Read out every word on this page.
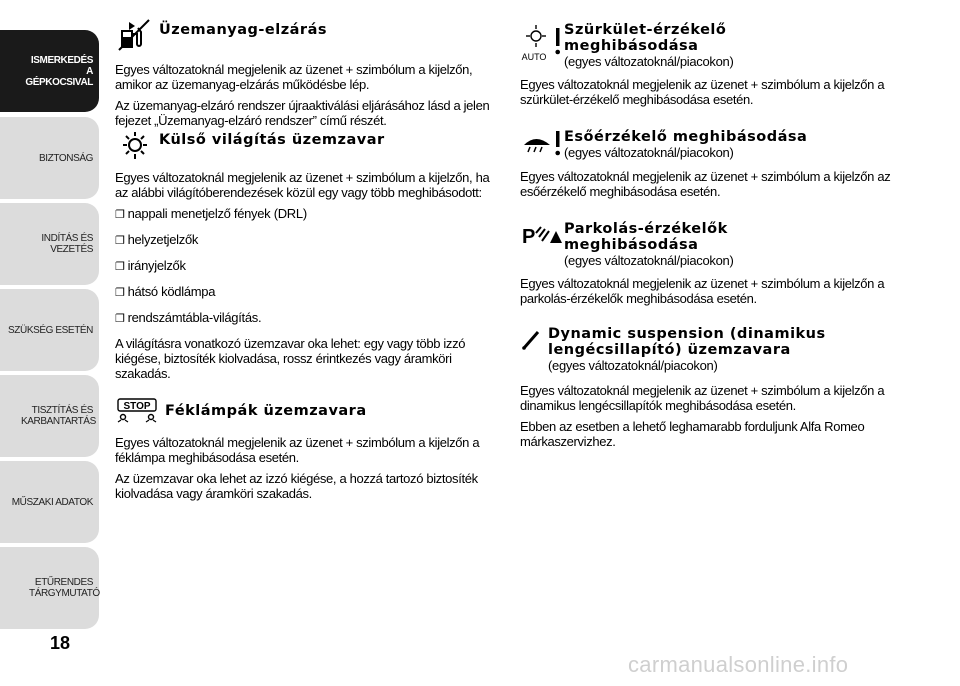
ISMERKEDÉS A GÉPKOCSIVAL
BIZTONSÁG
INDÍTÁS ÉS VEZETÉS
SZÜKSÉG ESETÉN
TISZTÍTÁS ÉS KARBANTARTÁS
MŰSZAKI ADATOK
ETŰRENDES TÁRGYMUTATÓ
18
Üzemanyag-elzárás

Egyes változatoknál megjelenik az üzenet + szimbólum a kijelzőn, amikor az üzemanyag-elzárás működésbe lép.

Az üzemanyag-elzáró rendszer újraaktiválási eljárásához lásd a jelen fejezet „Üzemanyag-elzáró rendszer” című részét.

Külső világítás üzemzavar

Egyes változatoknál megjelenik az üzenet + szimbólum a kijelzőn, ha az alábbi világítóberendezések közül egy vagy több meghibásodott:

❐ nappali menetjelző fények (DRL)
❐ helyzetjelzők
❐ irányjelzők
❐ hátsó ködlámpa
❐ rendszámtábla-világítás.

A világításra vonatkozó üzemzavar oka lehet: egy vagy több izzó kiégése, biztosíték kiolvadása, rossz érintkezés vagy áramköri szakadás.

STOP Féklámpák üzemzavara

Egyes változatoknál megjelenik az üzenet + szimbólum a kijelzőn a féklámpa meghibásodása esetén.

Az üzemzavar oka lehet az izzó kiégése, a hozzá tartozó biztosíték kiolvadása vagy áramköri szakadás.

AUTO
Szürkület-érzékelő meghibásodása
(egyes változatoknál/piacokon)

Egyes változatoknál megjelenik az üzenet + szimbólum a kijelzőn a szürkület-érzékelő meghibásodása esetén.

Esőérzékelő meghibásodása
(egyes változatoknál/piacokon)

Egyes változatoknál megjelenik az üzenet + szimbólum a kijelzőn az esőérzékelő meghibásodása esetén.

P Parkolás-érzékelők meghibásodása
(egyes változatoknál/piacokon)

Egyes változatoknál megjelenik az üzenet + szimbólum a kijelzőn a parkolás-érzékelők meghibásodása esetén.

Dynamic suspension (dinamikus lengécsillapító) üzemzavara
(egyes változatoknál/piacokon)

Egyes változatoknál megjelenik az üzenet + szimbólum a kijelzőn a dinamikus lengécsillapítók meghibásodása esetén.

Ebben az esetben a lehető leghamarabb forduljunk Alfa Romeo márkaszervizhez.

carmanualsonline.info
